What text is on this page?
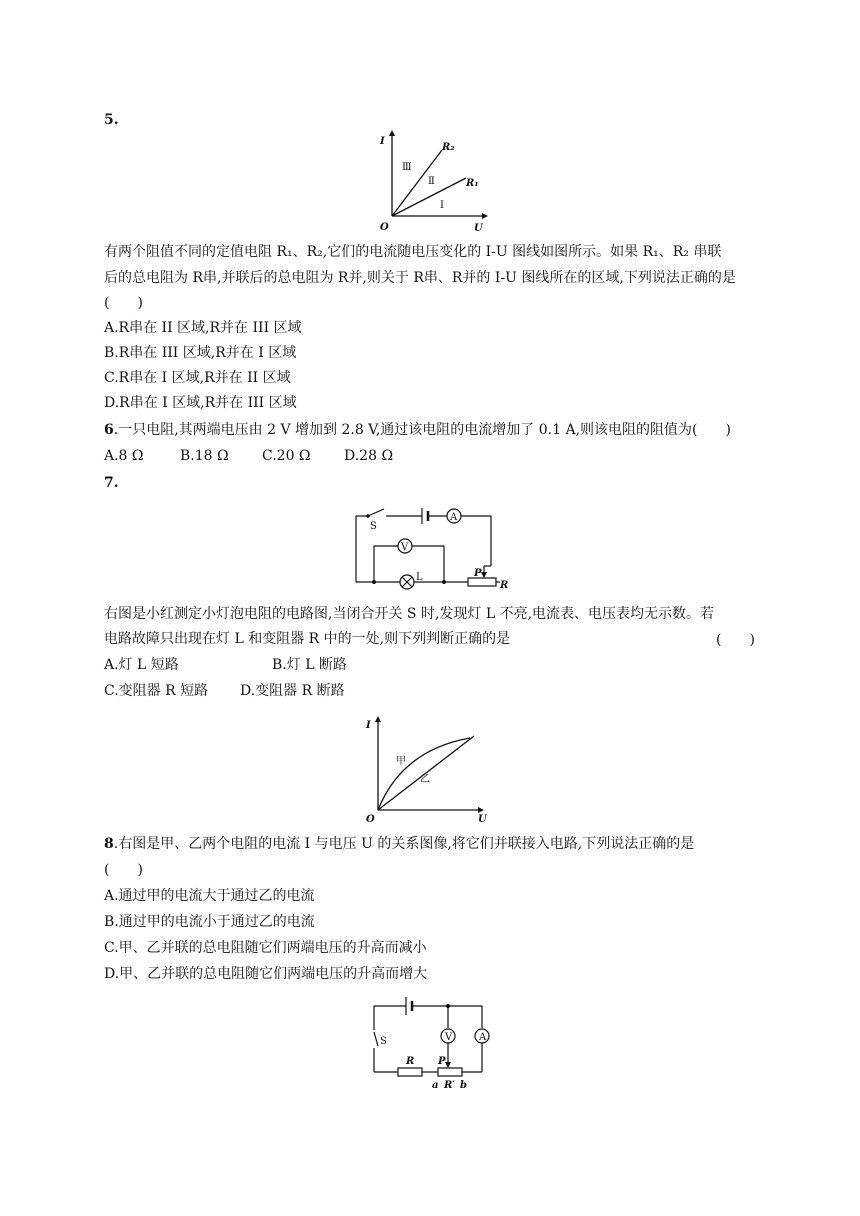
5.
I
U
O
R₂
R₁
Ⅲ
Ⅱ
Ⅰ
有两个阻值不同的定值电阻 R₁、R₂,它们的电流随电压变化的 I-U 图线如图所示。如果 R₁、R₂ 串联
后的总电阻为 R串,并联后的总电阻为 R并,则关于 R串、R并的 I-U 图线所在的区域,下列说法正确的是
(　　)
A.R串在 II 区域,R并在 III 区域
B.R串在 III 区域,R并在 I 区域
C.R串在 I 区域,R并在 II 区域
D.R串在 I 区域,R并在 III 区域
6.一只电阻,其两端电压由 2 V 增加到 2.8 V,通过该电阻的电流增加了 0.1 A,则该电阻的阻值为(　　)
A.8 Ω	B.18 Ω C.20 Ω D.28 Ω
7.
S
A
V
L	P
R
右图是小红测定小灯泡电阻的电路图,当闭合开关 S 时,发现灯 L 不亮,电流表、电压表均无示数。若
电路故障只出现在灯 L 和变阻器 R 中的一处,则下列判断正确的是	(　　)
A.灯 L 短路	B.灯 L 断路
C.变阻器 R 短路 D.变阻器 R 断路
I
U
O
甲
乙
8.右图是甲、乙两个电阻的电流 I 与电压 U 的关系图像,将它们并联接入电路,下列说法正确的是
(　　)
A.通过甲的电流大于通过乙的电流
B.通过甲的电流小于通过乙的电流
C.甲、乙并联的总电阻随它们两端电压的升高而减小
D.甲、乙并联的总电阻随它们两端电压的升高而增大
S
R P
V	A
a R′ b
